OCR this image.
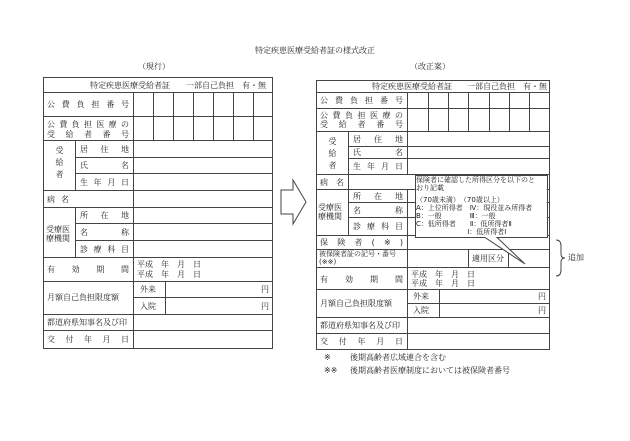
特定疾患医療受給者証の様式改正
（現行）	（改正案）
特定疾患医療受給者証 一部自己負担　有・無
公費負担番号
公費負担医療の
受給者番号
受給者 居住地
氏名
生年月日
病名
受療医
療機関
所在地
名称
診療科目
有効期間
平成　年　月　日
平成　年　月　日
月額自己負担限度額
外来	円
入院	円
都道府県知事名及び印
交付年月日
特定疾患医療受給者証 一部自己負担　有・無
公費負担番号
公費負担医療の
受給者番号
受給者 居住地
氏名
生年月日
病名
受療医
療機関
所在地
名称
診療科目
保険者(※)
被保険者証の記号・番号
(※※)	適用区分
有効期間
平成　年　月　日
平成　年　月　日
月額自己負担限度額
外来	円
入院	円
都道府県知事名及び印
交付年月日
保険者に確認した所得区分を以下のと
おり記載
（70歳未満）　（70歳以上）
A：上位所得者　Ⅳ：現役並み所得者
B：一般　　　　Ⅲ：一般
C：低所得者　　Ⅱ：低所得者Ⅱ
　　　　　　　 Ⅰ：低所得者Ⅰ
追加
※ 後期高齢者広域連合を含む
※※ 後期高齢者医療制度においては被保険者番号
